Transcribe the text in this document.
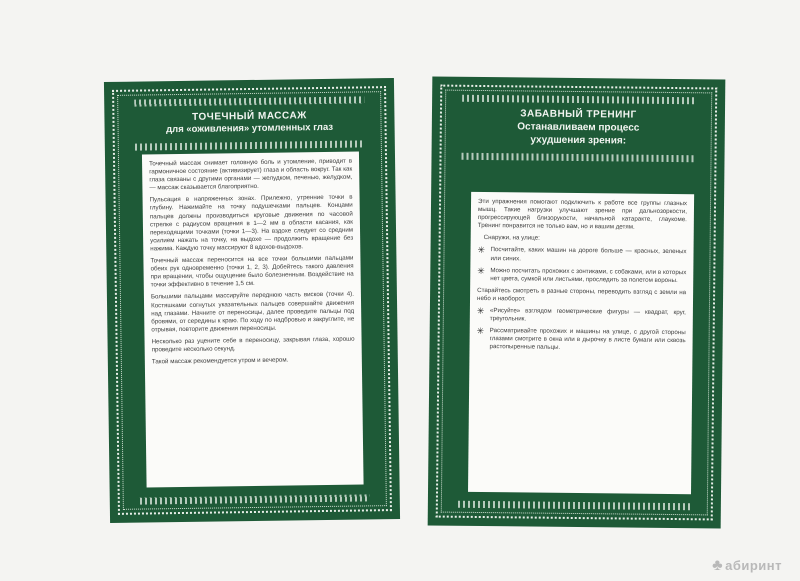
ТОЧЕЧНЫЙ МАССАЖ
для «оживления» утомленных глаз

Точечный массаж снимает головную боль и утомление, приводит в гармоничное состояние (активизирует) глаза и область вокруг. Так как глаза связаны с другими органами — желудком, печенью, желудком, — массаж сказывается благоприятно.

Пульсация в напряженных зонах. Прилежно, утренние точки в глубину. Нажимайте на точку подушечками пальцев. Концами пальцев должны производиться круговые движения по часовой стрелке с радиусом вращения в 1—2 мм в области касания, как переходящими точками (точки 1—3). На вздохе следует со средним усилием нажать на точку, на выдохе — продолжить вращение без нажима. Каждую точку массируют 8 вдохов-выдохов.

Точечный массаж переносится на все точки большими пальцами обеих рук одновременно (точки 1, 2, 3). Добейтесь такого давления при вращении, чтобы ощущение было болезненным. Воздействие на точки эффективно в течение 1,5 см.

Большими пальцами массируйте переднюю часть висков (точки 4). Костяшками согнутых указательных пальцев совершайте движения над глазами. Начните от переносицы, далее проведите пальцы под бровями, от середины к краю. По ходу по надбровью и закруглите, не отрывая, повторите движения переносицы.

Несколько раз уцените себе в переносицу, закрывая глаза, хорошо проведите несколько секунд.

Такой массаж рекомендуется утром и вечером.

ЗАБАВНЫЙ ТРЕНИНГ
Останавливаем процесс
ухудшения зрения:

Эти упражнения помогают подключить к работе все группы глазных мышц. Такие нагрузки улучшают зрение при дальнозоркости, прогрессирующей близорукости, начальной катаракте, глаукоме. Тренинг понравится не только вам, но и вашим детям.

Снаружи, на улице:

✳ Посчитайте, каких машин на дороге больше — красных, зеленых или синих.
✳ Можно посчитать прохожих с зонтиками, с собаками, или в которых нет цвета, сумкой или листьями, проследить за полетом вороны.

Старайтесь смотреть в разные стороны, переводить взгляд с земли на небо и наоборот.

✳ «Рисуйте» взглядом геометрические фигуры — квадрат, круг, треугольник.
✳ Рассматривайте прохожих и машины на улице, с другой стороны глазами смотрите в окна или в дырочку в листе бумаги или сквозь растопыренные пальцы.
♣ абиринт
